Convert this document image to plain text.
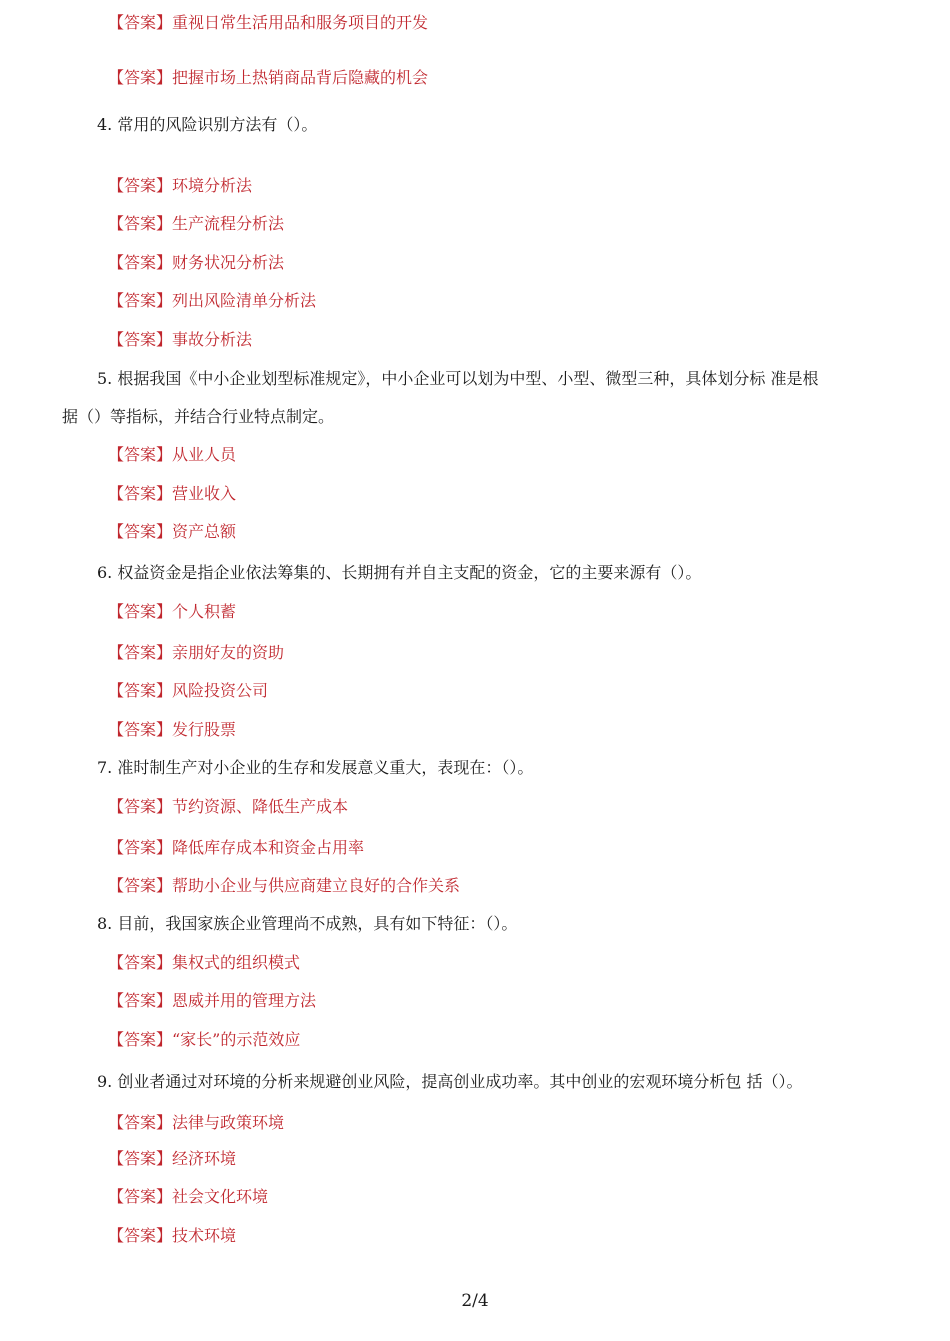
【答案】重视日常生活用品和服务项目的开发
【答案】把握市场上热销商品背后隐藏的机会
4. 常用的风险识别方法有（）。
【答案】环境分析法
【答案】生产流程分析法
【答案】财务状况分析法
【答案】列出风险清单分析法
【答案】事故分析法
5. 根据我国《中小企业划型标准规定》，中小企业可以划为中型、小型、微型三种，具体划分标 准是根
据（）等指标，并结合行业特点制定。
【答案】从业人员
【答案】营业收入
【答案】资产总额
6. 权益资金是指企业依法筹集的、长期拥有并自主支配的资金，它的主要来源有（）。
【答案】个人积蓄
【答案】亲朋好友的资助
【答案】风险投资公司
【答案】发行股票
7. 准时制生产对小企业的生存和发展意义重大，表现在：（）。
【答案】节约资源、降低生产成本
【答案】降低库存成本和资金占用率
【答案】帮助小企业与供应商建立良好的合作关系
8. 目前，我国家族企业管理尚不成熟，具有如下特征：（）。
【答案】集权式的组织模式
【答案】恩威并用的管理方法
【答案】“家长”的示范效应
9. 创业者通过对环境的分析来规避创业风险，提高创业成功率。其中创业的宏观环境分析包 括（）。
【答案】法律与政策环境
【答案】经济环境
【答案】社会文化环境
【答案】技术环境
2/4
